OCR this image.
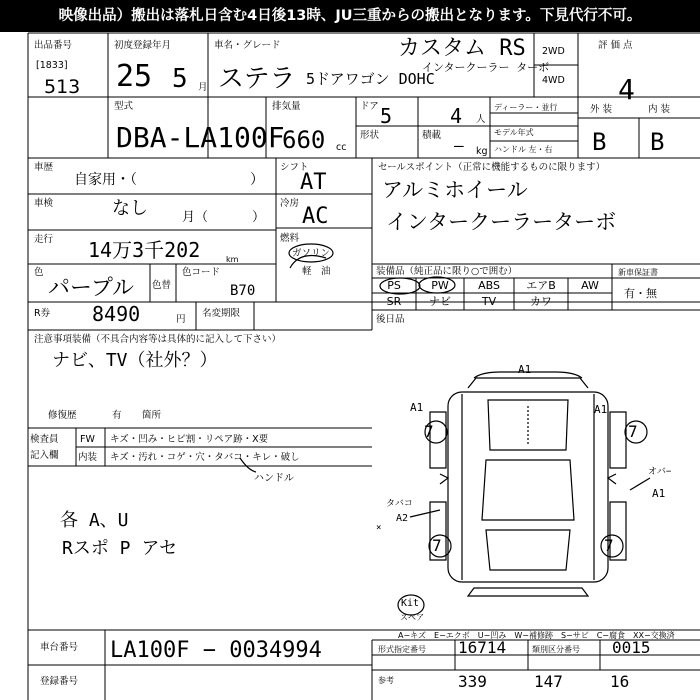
映像出品）搬出は落札日含む4日後13時、JU三重からの搬出となります。下見代行不可。
出品番号
[1833]
513
初度登録年月
25 5 月
車名・グレード
ステラ 5ドアワゴン DOHC
カスタム RS
インタークーラー ターボ
2WD
4WD
評 価 点
4
型式
DBA-LA100F
排気量
660 cc
ドア 5	4 人
形状	積載
— kg
ディーラー・並行
モデル年式
ハンドル 左・右
外 装	内 装
B B
車歴
自家用・（	）
車検	なし	月（	）
走行 14万3千202	km
色
パープル 色替
色コード
B70
シフト
AT
冷房
AC
燃料
ガソリン
軽　油
セールスポイント（正常に機能するものに限ります）
アルミホイール
インタークーラーターボ
装備品（純正品に限り○で囲む）
PS	PW	ABS	エアB	AW
SR	ナビ	TV	カワ
新車保証書
有・無
R券 8490	円
名変期限
後日品
注意事項装備（不具合内容等は具体的に記入して下さい）
ナビ、TV（社外？）
修復歴	有 箇所
検査員
記入欄
FW
内装
キズ・凹み・ヒビ割・リペア跡・X要
キズ・汚れ・コゲ・穴・タバコ・キレ・破し
ハンドル
各 A、U
Rスポ P アセ
A1
A1	A1
7	7
7	7
タバコ
A2
×
オバ−
A1
Kit
スペア
A−キズ　E−エクボ　U−凹み　W−補修跡　S−サビ　C−腐食　XX−交換済
車台番号 LA100F − 0034994
登録番号
形式指定番号 16714	類別区分番号 0015
参考	339	147	16
